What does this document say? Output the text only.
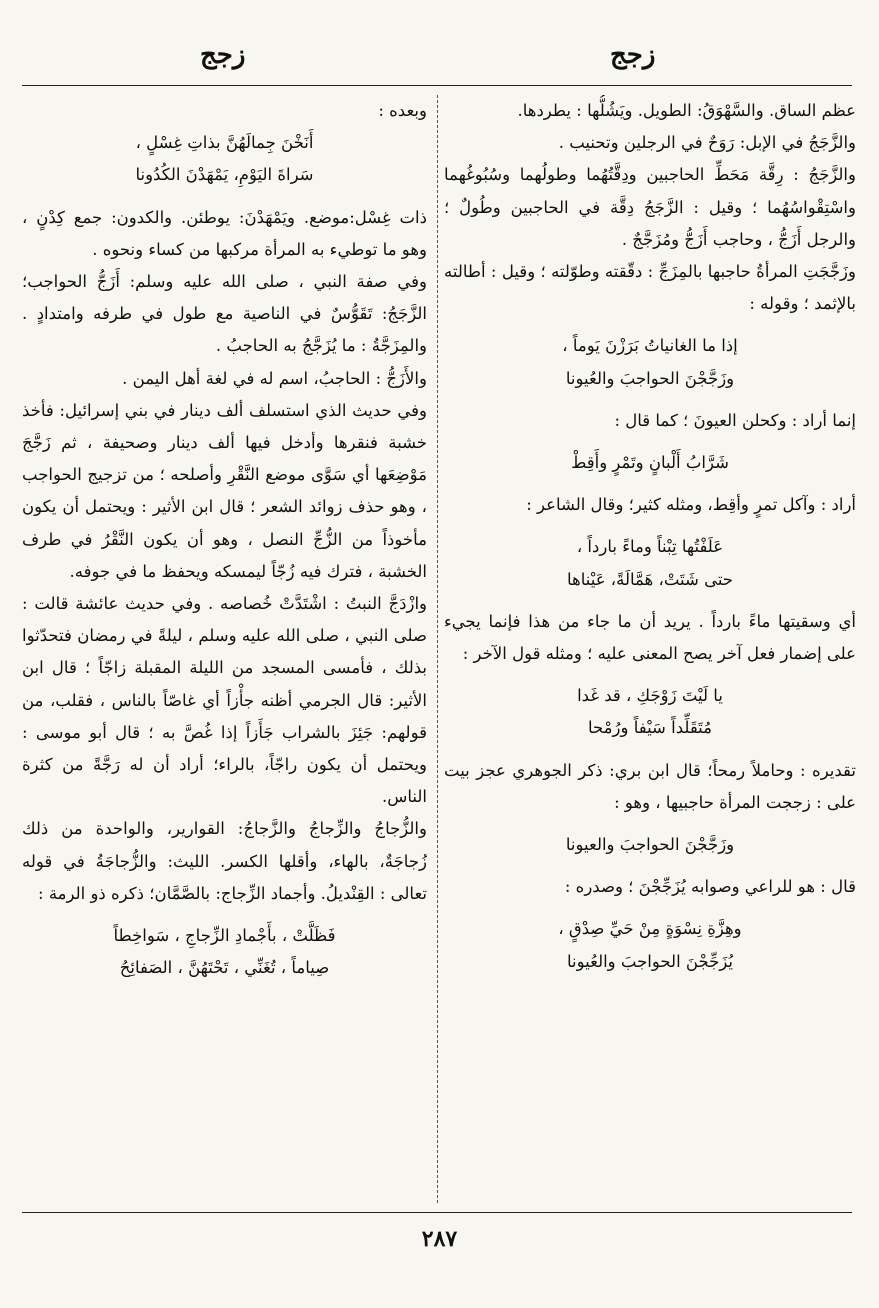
زجج	زجج

عظم الساق. والسَّهْوَقُ: الطويل. ويَشُلُّها : يطردها.

والزَّجَجُ في الإبل: رَوَحٌ في الرجلين وتحنيب .

والزَّجَجُ : رِقَّة مَحَطِّ الحاجبين ودِقَّتُهُما وطولُهما وسُبُوغُهما واسْتِقْواسُهُما ؛ وقيل : الزَّجَجُ دِقَّة في الحاجبين وطُولٌ ؛ والرجل أَزَجُّ ، وحاجب أَزَجُّ ومُزَجَّجٌ .

وزَجَّجَتِ المرأةُ حاجبها بالمِزَجِّ : دقّقته وطوّلته ؛ وقيل : أطالته بالإثمد ؛ وقوله :

إذا ما الغانياتُ بَرَزْنَ يَوماً ،

وزَجَّجْنَ الحواجبَ والعُيونا

إنما أراد : وكحلن العيونَ ؛ كما قال :

شَرَّابُ أَلْبانٍ وتَمْرٍ وأَقِطْ

أراد : وآكل تمرٍ وأقِط، ومثله كثير؛ وقال الشاعر :

عَلَفْتُها تِبْناً وماءً بارداً ،

حتى شَتَتْ، هَمَّالَةً، عَيْناها

أي وسقيتها ماءً بارداً . يريد أن ما جاء من هذا فإنما يجيء على إضمار فعل آخر يصح المعنى عليه ؛ ومثله قول الآخر :

يا لَيْتَ زَوْجَكِ ، قد غَدا

مُتَقَلِّداً سَيْفاً ورُمْحا

تقديره : وحاملاً رمحاً؛ قال ابن بري: ذكر الجوهري عجز بيت على : زججت المرأة حاجبيها ، وهو :

وزَجَّجْنَ الحواجبَ والعيونا

قال : هو للراعي وصوابه يُزَجِّجْنَ ؛ وصدره :

وهِزَّةِ نِسْوَةٍ مِنْ حَيِّ صِدْقٍ ،

يُزَجِّجْنَ الحواجبَ والعُيونا

وبعده :

أَنَخْنَ جِمالَهُنَّ بذاتِ غِسْلٍ ،

سَراةَ اليَوْمِ، يَمْهَدْنَ الكُدُونا

ذات غِسْل:موضع. ويَمْهَدْنَ: يوطئن. والكدون: جمع كِدْنٍ ، وهو ما توطيء به المرأة مركبها من كساء ونحوه .

وفي صفة النبي ، صلى الله عليه وسلم: أَزَجُّ الحواجب؛ الزَّجَجُ: تَقَوُّسٌ في الناصية مع طول في طرفه وامتدادٍ . والمِزَجَّةُ : ما يُزَجَّجُ به الحاجبُ .

والأَزَجُّ : الحاجبُ، اسم له في لغة أهل اليمن .

وفي حديث الذي استسلف ألف دينار في بني إسرائيل: فأخذ خشبة فنقرها وأدخل فيها ألف دينار وصحيفة ، ثم زَجَّجَ مَوْضِعَها أي سَوَّى موضع النَّقْرِ وأصلحه ؛ من تزجيج الحواجب ، وهو حذف زوائد الشعر ؛ قال ابن الأثير : ويحتمل أن يكون مأخوذاً من الزُّجِّ النصل ، وهو أن يكون النَّقْرُ في طرف الخشبة ، فترك فيه زُجّاً ليمسكه ويحفظ ما في جوفه.

وازْدَجَّ النبتُ : اشْتَدَّتْ خُصاصه . وفي حديث عائشة قالت : صلى النبي ، صلى الله عليه وسلم ، ليلةً في رمضان فتحدّثوا بذلك ، فأمسى المسجد من الليلة المقبلة زاجّاً ؛ قال ابن الأثير: قال الجرمي أظنه جأْزاً أي غاصّاً بالناس ، فقلب، من قولهم: جَئِزَ بالشراب جَأَزاً إذا غُصَّ به ؛ قال أبو موسى : ويحتمل أن يكون راجّاً، بالراء؛ أراد أن له رَجَّةً من كثرة الناس.

والزُّجاجُ والزِّجاجُ والزَّجاجُ: القوارير، والواحدة من ذلك زُجاجَةٌ، بالهاء، وأقلها الكسر. الليث: والزُّجاجَةُ في قوله تعالى : القِنْديلُ. وأجماد الزِّجاج: بالصَّمَّان؛ ذكره ذو الرمة :

فَظَلَّتْ ، بأَجْمادِ الزِّجاجِ ، سَواخِطاً

صِياماً ، تُغَنِّي ، تَحْتَهُنَّ ، الصَفائِحُ

٢٨٧
